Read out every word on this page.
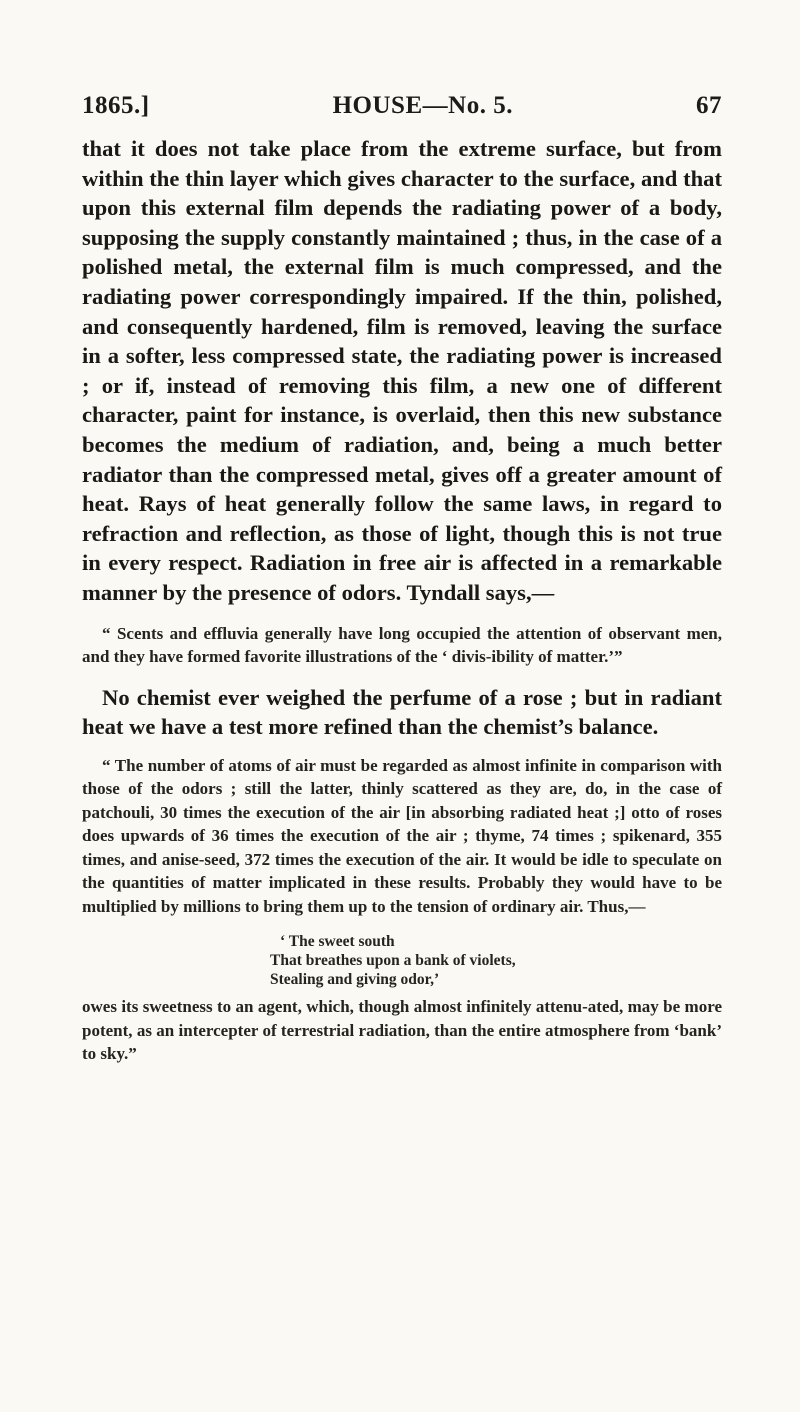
1865.]	HOUSE—No. 5.	67

that it does not take place from the extreme surface, but from within the thin layer which gives character to the surface, and that upon this external film depends the radiating power of a body, supposing the supply constantly maintained ; thus, in the case of a polished metal, the external film is much compressed, and the radiating power correspondingly impaired. If the thin, polished, and consequently hardened, film is removed, leaving the surface in a softer, less compressed state, the radiating power is increased ; or if, instead of removing this film, a new one of different character, paint for instance, is overlaid, then this new substance becomes the medium of radiation, and, being a much better radiator than the compressed metal, gives off a greater amount of heat. Rays of heat generally follow the same laws, in regard to refraction and reflection, as those of light, though this is not true in every respect. Radiation in free air is affected in a remarkable manner by the presence of odors. Tyndall says,—

“ Scents and effluvia generally have long occupied the attention of observant men, and they have formed favorite illustrations of the ‘ divis-ibility of matter.’”

No chemist ever weighed the perfume of a rose ; but in radiant heat we have a test more refined than the chemist’s balance.

“ The number of atoms of air must be regarded as almost infinite in comparison with those of the odors ; still the latter, thinly scattered as they are, do, in the case of patchouli, 30 times the execution of the air [in absorbing radiated heat ;] otto of roses does upwards of 36 times the execution of the air ; thyme, 74 times ; spikenard, 355 times, and anise-seed, 372 times the execution of the air. It would be idle to speculate on the quantities of matter implicated in these results. Probably they would have to be multiplied by millions to bring them up to the tension of ordinary air. Thus,—

‘ The sweet south
That breathes upon a bank of violets,
Stealing and giving odor,’

owes its sweetness to an agent, which, though almost infinitely attenu-ated, may be more potent, as an intercepter of terrestrial radiation, than the entire atmosphere from ‘bank’ to sky.”
